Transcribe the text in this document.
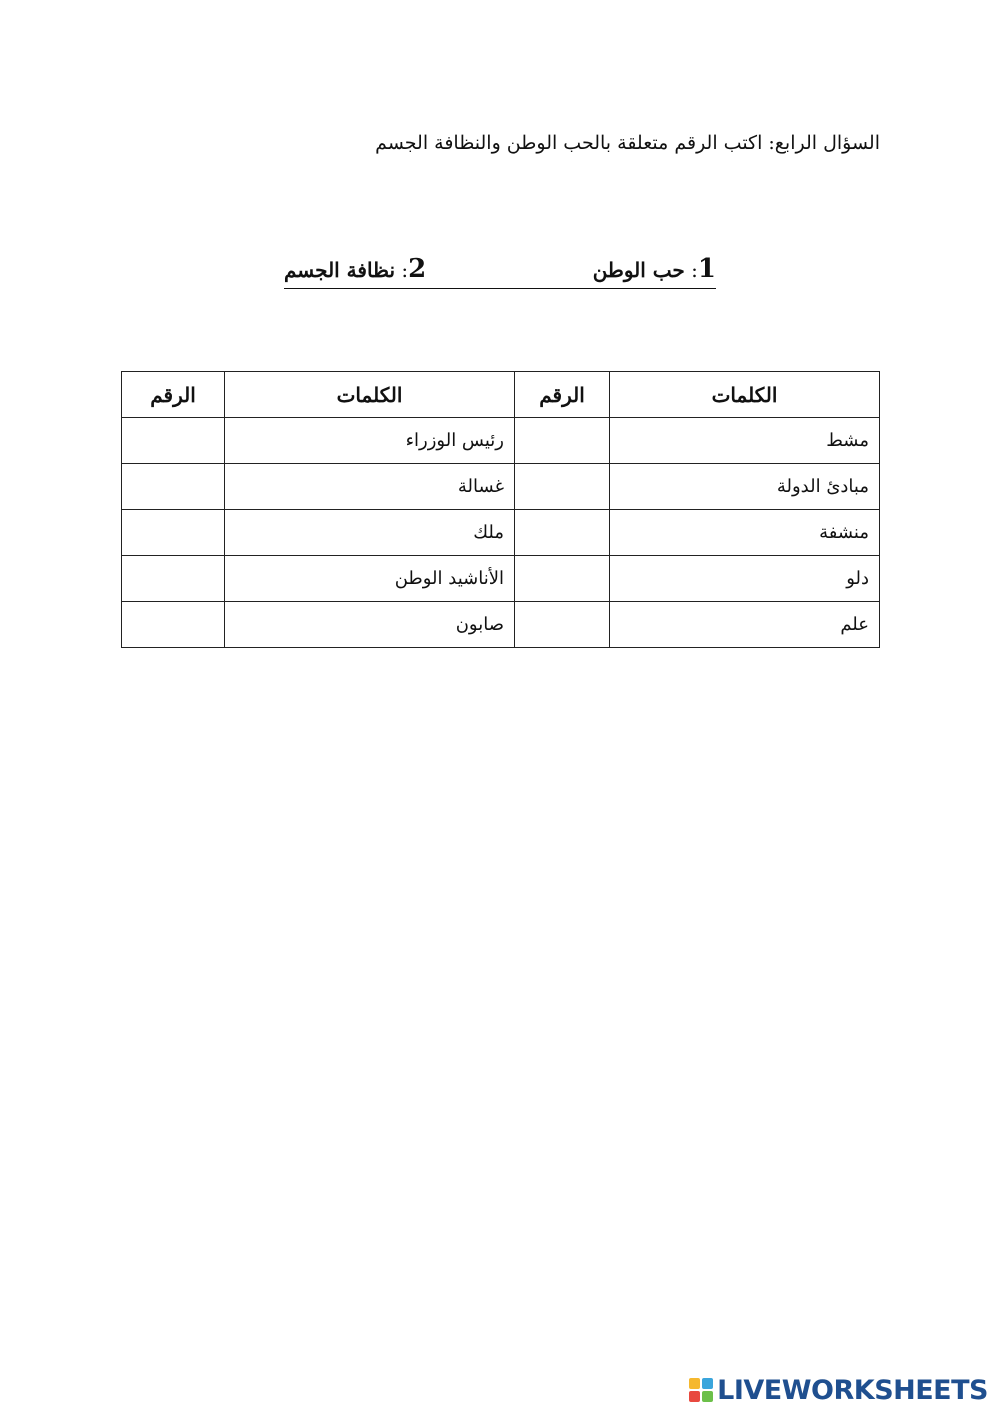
السؤال الرابع: اكتب الرقم متعلقة بالحب الوطن والنظافة الجسم
1: حب الوطن
2: نظافة الجسم
الكلمات	الرقم	الكلمات	الرقم
مشط		رئيس الوزراء	
مبادئ الدولة		غسالة	
منشفة		ملك	
دلو		الأناشيد الوطن	
علم		صابون	
LIVEWORKSHEETS
